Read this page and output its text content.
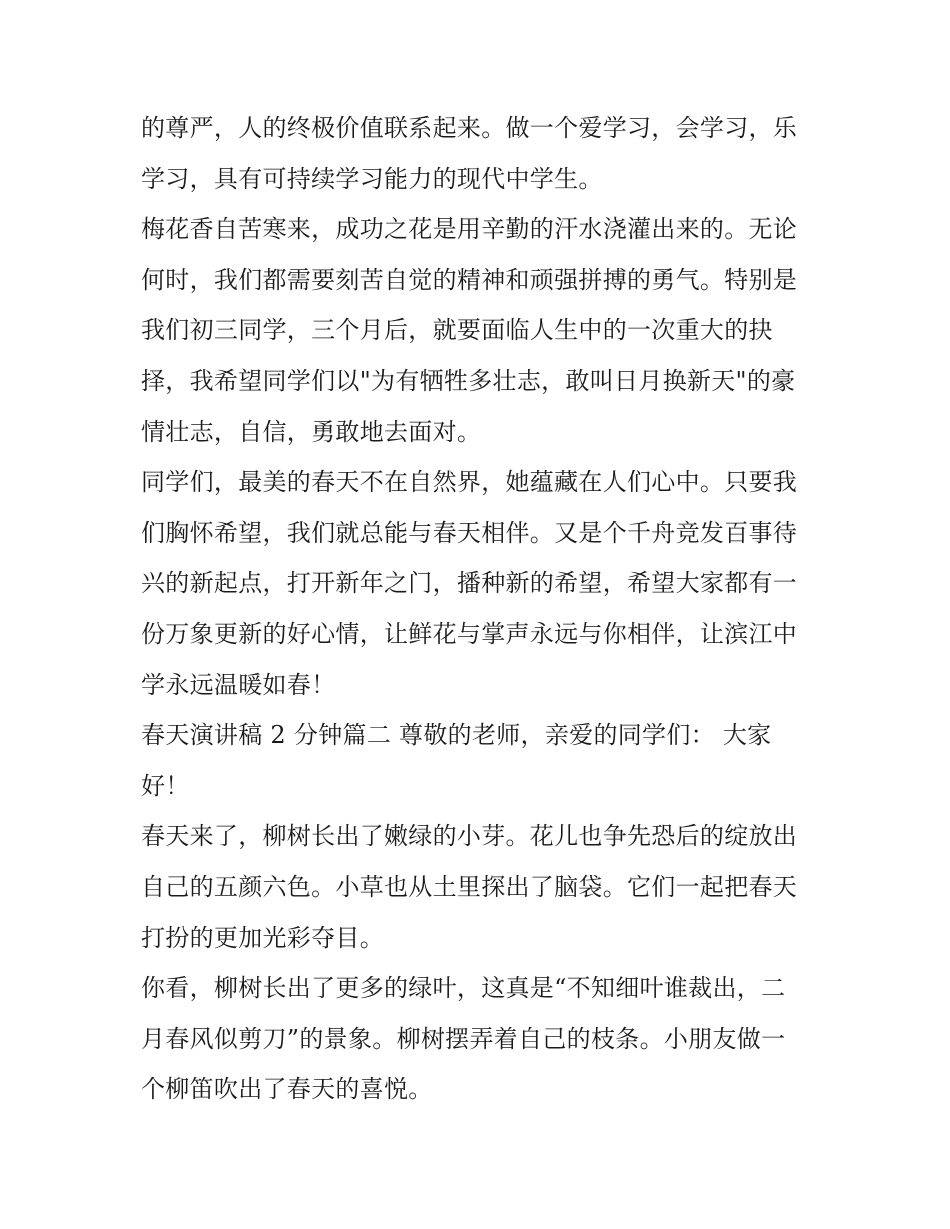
的尊严，人的终极价值联系起来。做一个爱学习，会学习，乐
学习，具有可持续学习能力的现代中学生。
梅花香自苦寒来，成功之花是用辛勤的汗水浇灌出来的。无论
何时，我们都需要刻苦自觉的精神和顽强拼搏的勇气。特别是
我们初三同学，三个月后，就要面临人生中的一次重大的抉
择，我希望同学们以"为有牺牲多壮志，敢叫日月换新天"的豪
情壮志，自信，勇敢地去面对。
同学们，最美的春天不在自然界，她蕴藏在人们心中。只要我
们胸怀希望，我们就总能与春天相伴。又是个千舟竞发百事待
兴的新起点，打开新年之门，播种新的希望，希望大家都有一
份万象更新的好心情，让鲜花与掌声永远与你相伴，让滨江中
学永远温暖如春！
春天演讲稿 2 分钟篇二 尊敬的老师，亲爱的同学们： 大家
好！
春天来了，柳树长出了嫩绿的小芽。花儿也争先恐后的绽放出
自己的五颜六色。小草也从土里探出了脑袋。它们一起把春天
打扮的更加光彩夺目。
你看，柳树长出了更多的绿叶，这真是“不知细叶谁裁出，二
月春风似剪刀”的景象。柳树摆弄着自己的枝条。小朋友做一
个柳笛吹出了春天的喜悦。
